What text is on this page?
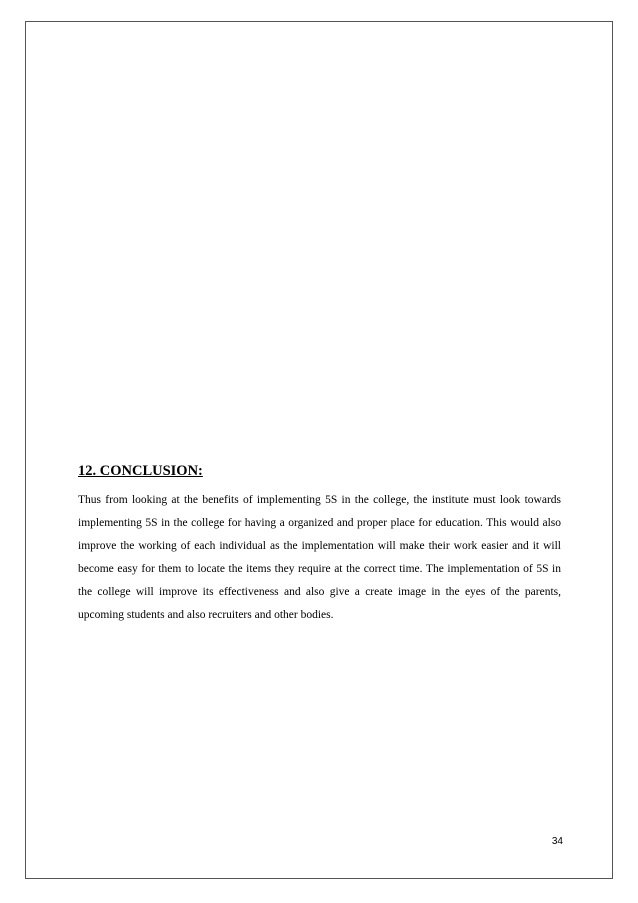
12. CONCLUSION:

Thus from looking at the benefits of implementing 5S in the college, the institute must look towards implementing 5S in the college for having a organized and proper place for education. This would also improve the working of each individual as the implementation will make their work easier and it will become easy for them to locate the items they require at the correct time. The implementation of 5S in the college will improve its effectiveness and also give a create image in the eyes of the parents, upcoming students and also recruiters and other bodies.

34
